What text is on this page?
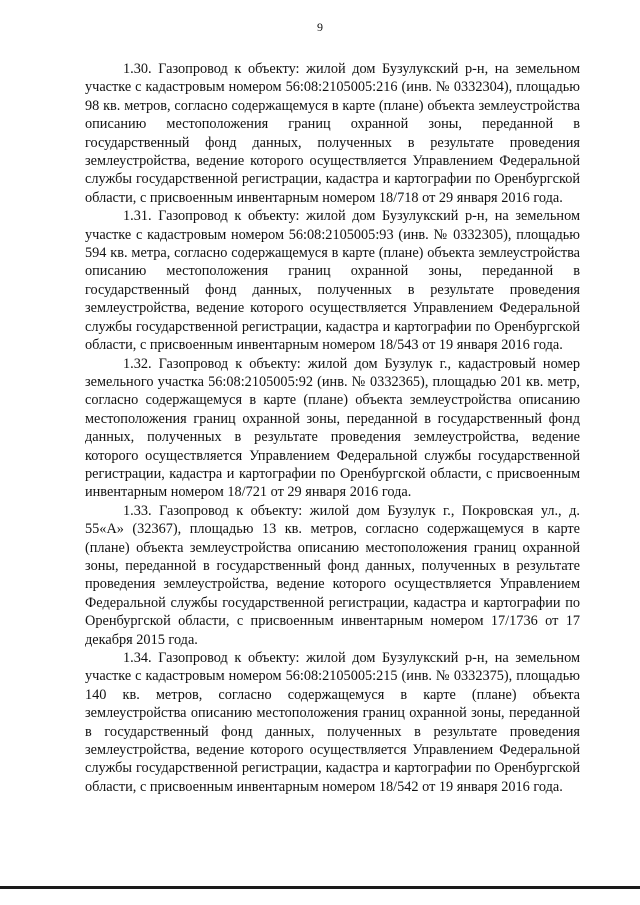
9

1.30. Газопровод к объекту: жилой дом Бузулукский р-н, на земельном участке с кадастровым номером 56:08:2105005:216 (инв. № 0332304), площадью 98 кв. метров, согласно содержащемуся в карте (плане) объекта землеустройства описанию местоположения границ охранной зоны, переданной в государственный фонд данных, полученных в результате проведения землеустройства, ведение которого осуществляется Управлением Федеральной службы государственной регистрации, кадастра и картографии по Оренбургской области, с присвоенным инвентарным номером 18/718 от 29 января 2016 года.

1.31. Газопровод к объекту: жилой дом Бузулукский р-н, на земельном участке с кадастровым номером 56:08:2105005:93 (инв. № 0332305), площадью 594 кв. метра, согласно содержащемуся в карте (плане) объекта землеустройства описанию местоположения границ охранной зоны, переданной в государственный фонд данных, полученных в результате проведения землеустройства, ведение которого осуществляется Управлением Федеральной службы государственной регистрации, кадастра и картографии по Оренбургской области, с присвоенным инвентарным номером 18/543 от 19 января 2016 года.

1.32. Газопровод к объекту: жилой дом Бузулук г., кадастровый номер земельного участка 56:08:2105005:92 (инв. № 0332365), площадью 201 кв. метр, согласно содержащемуся в карте (плане) объекта землеустройства описанию местоположения границ охранной зоны, переданной в государственный фонд данных, полученных в результате проведения землеустройства, ведение которого осуществляется Управлением Федеральной службы государственной регистрации, кадастра и картографии по Оренбургской области, с присвоенным инвентарным номером 18/721 от 29 января 2016 года.

1.33. Газопровод к объекту: жилой дом Бузулук г., Покровская ул., д. 55«А» (32367), площадью 13 кв. метров, согласно содержащемуся в карте (плане) объекта землеустройства описанию местоположения границ охранной зоны, переданной в государственный фонд данных, полученных в результате проведения землеустройства, ведение которого осуществляется Управлением Федеральной службы государственной регистрации, кадастра и картографии по Оренбургской области, с присвоенным инвентарным номером 17/1736 от 17 декабря 2015 года.

1.34. Газопровод к объекту: жилой дом Бузулукский р-н, на земельном участке с кадастровым номером 56:08:2105005:215 (инв. № 0332375), площадью 140 кв. метров, согласно содержащемуся в карте (плане) объекта землеустройства описанию местоположения границ охранной зоны, переданной в государственный фонд данных, полученных в результате проведения землеустройства, ведение которого осуществляется Управлением Федеральной службы государственной регистрации, кадастра и картографии по Оренбургской области, с присвоенным инвентарным номером 18/542 от 19 января 2016 года.
